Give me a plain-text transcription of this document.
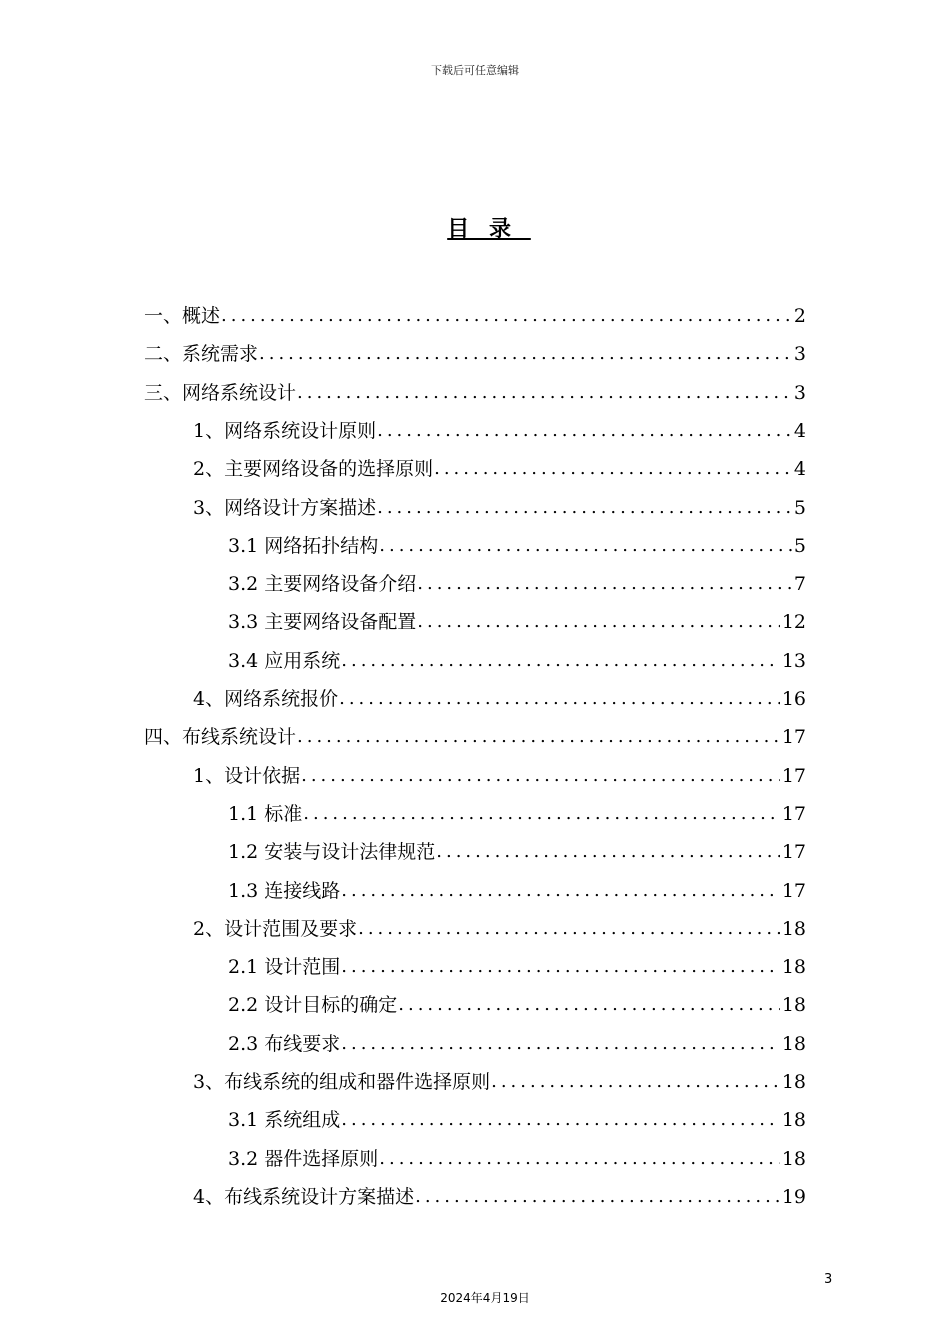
下载后可任意编辑
目录
一、概述 .....	2
二、系统需求 .....	3
三、网络系统设计 .....	3
1、网络系统设计原则 .....	4
2、主要网络设备的选择原则 .....	4
3、网络设计方案描述 .....	5
3.1 网络拓扑结构 .....	5
3.2 主要网络设备介绍 .....	7
3.3 主要网络设备配置 .....	12
3.4 应用系统 .....	13
4、网络系统报价 .....	16
四、布线系统设计 .....	17
1、设计依据 .....	17
1.1 标准 .....	17
1.2 安装与设计法律规范 .....	17
1.3 连接线路 .....	17
2、设计范围及要求 .....	18
2.1 设计范围 .....	18
2.2 设计目标的确定 .....	18
2.3 布线要求 .....	18
3、布线系统的组成和器件选择原则 .....	18
3.1 系统组成 .....	18
3.2 器件选择原则 .....	18
4、布线系统设计方案描述 .....	19
3
2024年4月19日
